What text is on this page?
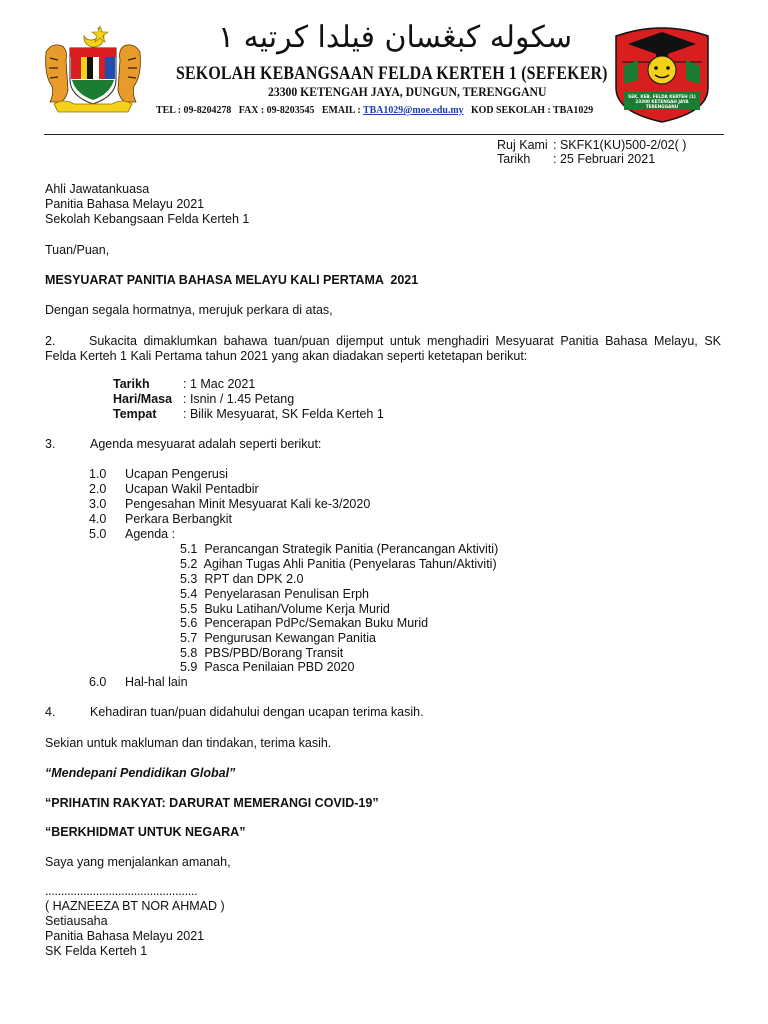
سکوله کبڠسان فيلدا کرتيه ١
SEKOLAH KEBANGSAAN FELDA KERTEH 1 (SEFEKER)
23300 KETENGAH JAYA, DUNGUN, TERENGGANU
TEL : 09-8204278 FAX : 09-8203545 EMAIL : TBA1029@moe.edu.my KOD SEKOLAH : TBA1029
SEK. KEB. FELDA KERTEH (1)
23300 KETENGAH JAYA
TERENGGANU
Ruj Kami : SKFK1(KU)500-2/02( )
Tarikh : 25 Februari 2021
Ahli Jawatankuasa
Panitia Bahasa Melayu 2021
Sekolah Kebangsaan Felda Kerteh 1
Tuan/Puan,
MESYUARAT PANITIA BAHASA MELAYU KALI PERTAMA  2021
Dengan segala hormatnya, merujuk perkara di atas,
2.	Sukacita dimaklumkan bahawa tuan/puan dijemput untuk menghadiri Mesyuarat Panitia Bahasa Melayu, SK Felda Kerteh 1 Kali Pertama tahun 2021 yang akan diadakan seperti ketetapan berikut:
Tarikh	: 1 Mac 2021
Hari/Masa : Isnin / 1.45 Petang
Tempat : Bilik Mesyuarat, SK Felda Kerteh 1
3.	Agenda mesyuarat adalah seperti berikut:
1.0 Ucapan Pengerusi
2.0 Ucapan Wakil Pentadbir
3.0 Pengesahan Minit Mesyuarat Kali ke-3/2020
4.0 Perkara Berbangkit
5.0 Agenda :
5.1  Perancangan Strategik Panitia (Perancangan Aktiviti)
5.2  Agihan Tugas Ahli Panitia (Penyelaras Tahun/Aktiviti)
5.3  RPT dan DPK 2.0
5.4  Penyelarasan Penulisan Erph
5.5  Buku Latihan/Volume Kerja Murid
5.6  Pencerapan PdPc/Semakan Buku Murid
5.7  Pengurusan Kewangan Panitia
5.8  PBS/PBD/Borang Transit
5.9  Pasca Penilaian PBD 2020
6.0 Hal-hal lain
4.	Kehadiran tuan/puan didahului dengan ucapan terima kasih.
Sekian untuk makluman dan tindakan, terima kasih.
“Mendepani Pendidikan Global”
“PRIHATIN RAKYAT: DARURAT MEMERANGI COVID-19”
“BERKHIDMAT UNTUK NEGARA”
Saya yang menjalankan amanah,
................................................
( HAZNEEZA BT NOR AHMAD )
Setiausaha
Panitia Bahasa Melayu 2021
SK Felda Kerteh 1
